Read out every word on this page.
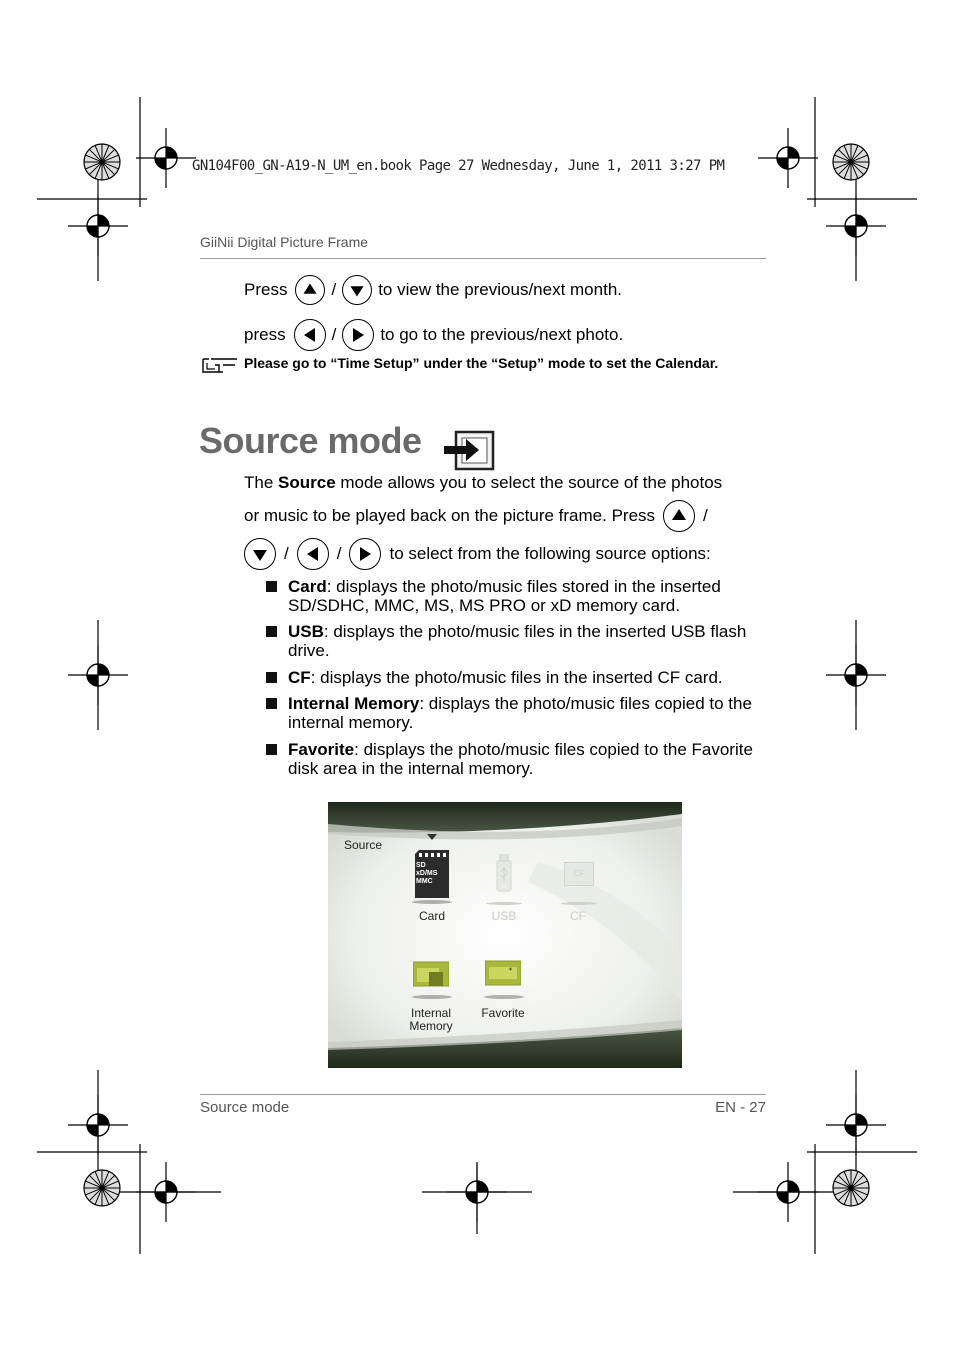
GN104F00_GN-A19-N_UM_en.book Page 27 Wednesday, June 1, 2011 3:27 PM
GiiNii Digital Picture Frame
Press	/ to view the previous/next month.
press	/	to go to the previous/next photo.
Please go to “Time Setup” under the “Setup” mode to set the Calendar.
Source mode
The Source mode allows you to select the source of the photos
or music to be played back on the picture frame. Press	/
/	/	to select from the following source options:
Card: displays the photo/music files stored in the inserted SD/SDHC, MMC, MS, MS PRO or xD memory card.
USB: displays the photo/music files in the inserted USB flash drive.
CF: displays the photo/music files in the inserted CF card.
Internal Memory: displays the photo/music files copied to the internal memory.
Favorite: displays the photo/music files copied to the Favorite disk area in the internal memory.
Source
SD
xD/MS
MMC
Card	USB
CF
CF
Internal
Memory
Favorite
Source mode	EN - 27
